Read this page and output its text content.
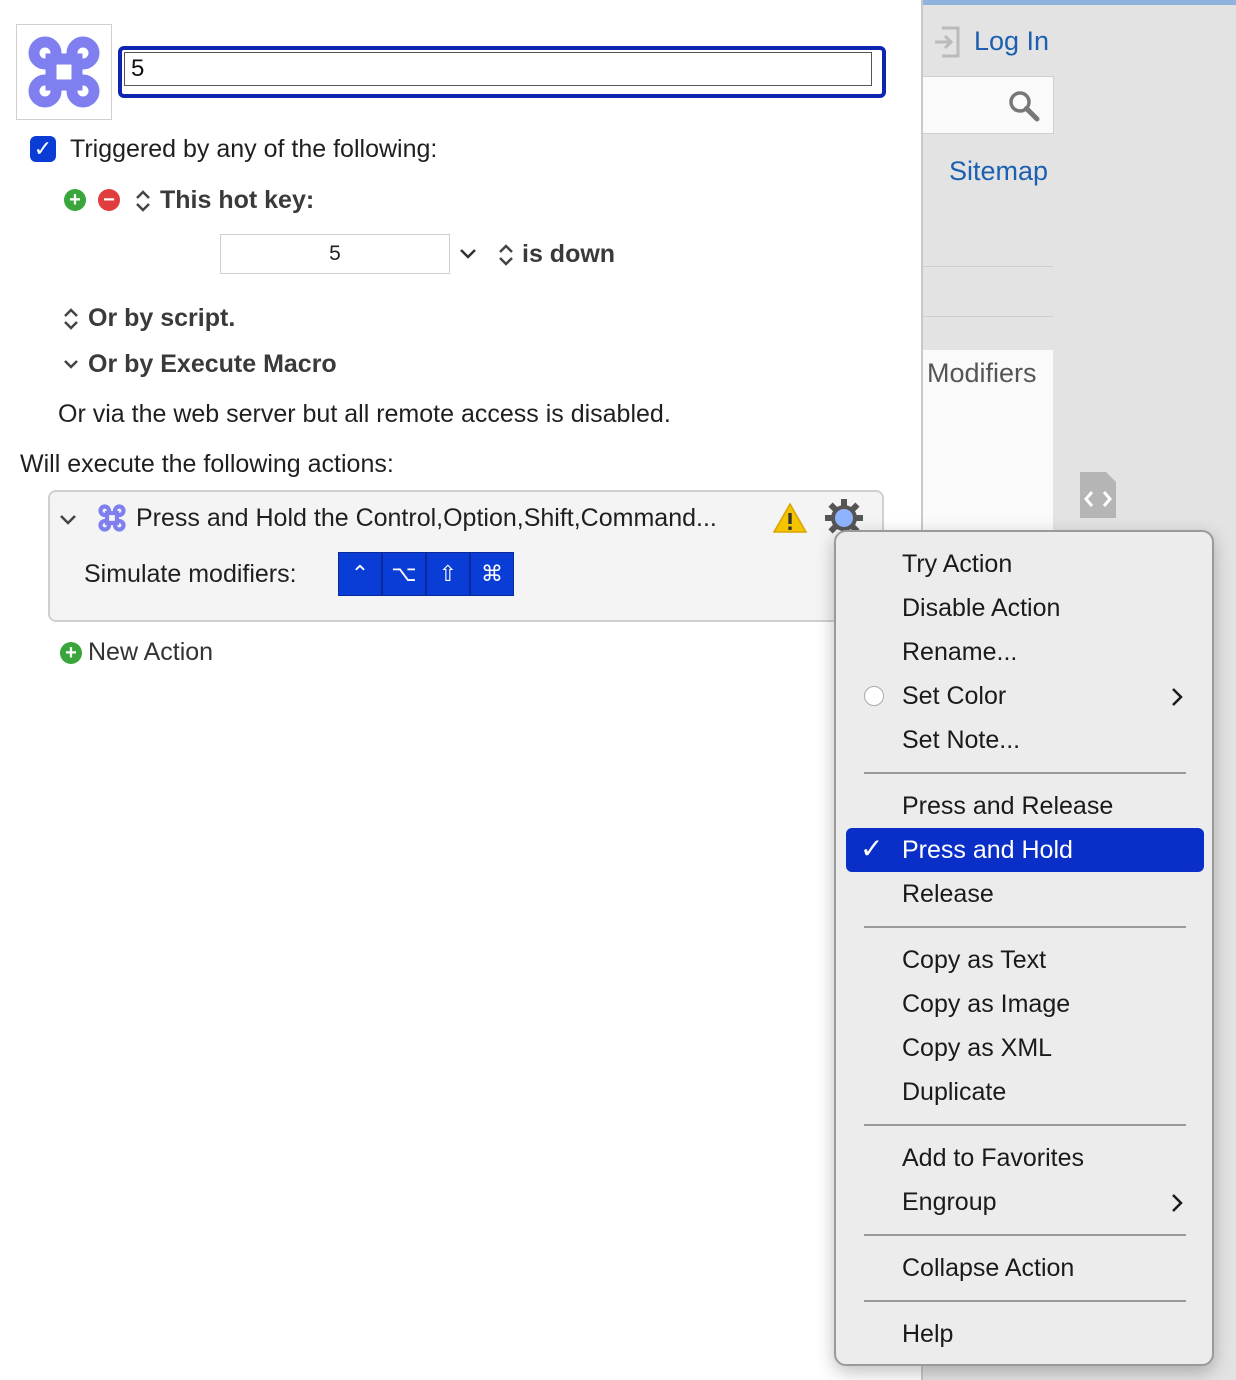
5
✓ Triggered by any of the following:
+ − This hot key:
5	is down
Or by script.
Or by Execute Macro
Or via the web server but all remote access is disabled.
Will execute the following actions:
Press and Hold the Control,Option,Shift,Command...
Simulate modifiers:	⌃	⌥	⇧	⌘
+ New Action
Log In
Sitemap
Modifiers
Try Action
Disable Action
Rename...
Set Color
Set Note...
Press and Release
✓ Press and Hold
Release
Copy as Text
Copy as Image
Copy as XML
Duplicate
Add to Favorites
Engroup
Collapse Action
Help
